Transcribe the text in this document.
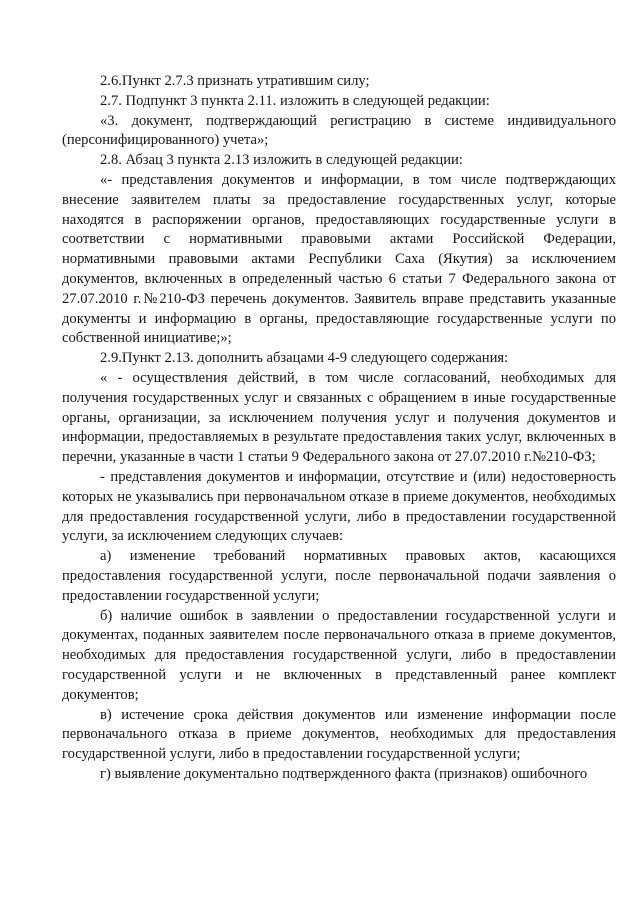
2.6.Пункт 2.7.3 признать утратившим силу;

2.7. Подпункт 3 пункта 2.11. изложить в следующей редакции:

«3. документ, подтверждающий регистрацию в системе индивидуального (персонифицированного) учета»;

2.8. Абзац 3 пункта 2.13 изложить в следующей редакции:

«- представления документов и информации, в том числе подтверждающих внесение заявителем платы за предоставление государственных услуг, которые находятся в распоряжении органов, предоставляющих государственные услуги в соответствии с нормативными правовыми актами Российской Федерации, нормативными правовыми актами Республики Саха (Якутия) за исключением документов, включенных в определенный частью 6 статьи 7 Федерального закона от 27.07.2010 г.№210-ФЗ перечень документов. Заявитель вправе представить указанные документы и информацию в органы, предоставляющие государственные услуги по собственной инициативе;»;

2.9.Пункт 2.13. дополнить абзацами 4-9 следующего содержания:

« - осуществления действий, в том числе согласований, необходимых для получения государственных услуг и связанных с обращением в иные государственные органы, организации, за исключением получения услуг и получения документов и информации, предоставляемых в результате предоставления таких услуг, включенных в перечни, указанные в части 1 статьи 9 Федерального закона от 27.07.2010 г.№210-ФЗ;

- представления документов и информации, отсутствие и (или) недостоверность которых не указывались при первоначальном отказе в приеме документов, необходимых для предоставления государственной услуги, либо в предоставлении государственной услуги, за исключением следующих случаев:

а) изменение требований нормативных правовых актов, касающихся предоставления государственной услуги, после первоначальной подачи заявления о предоставлении государственной услуги;

б) наличие ошибок в заявлении о предоставлении государственной услуги и документах, поданных заявителем после первоначального отказа в приеме документов, необходимых для предоставления государственной услуги, либо в предоставлении государственной услуги и не включенных в представленный ранее комплект документов;

в) истечение срока действия документов или изменение информации после первоначального отказа в приеме документов, необходимых для предоставления государственной услуги, либо в предоставлении государственной услуги;

г) выявление документально подтвержденного факта (признаков) ошибочного
